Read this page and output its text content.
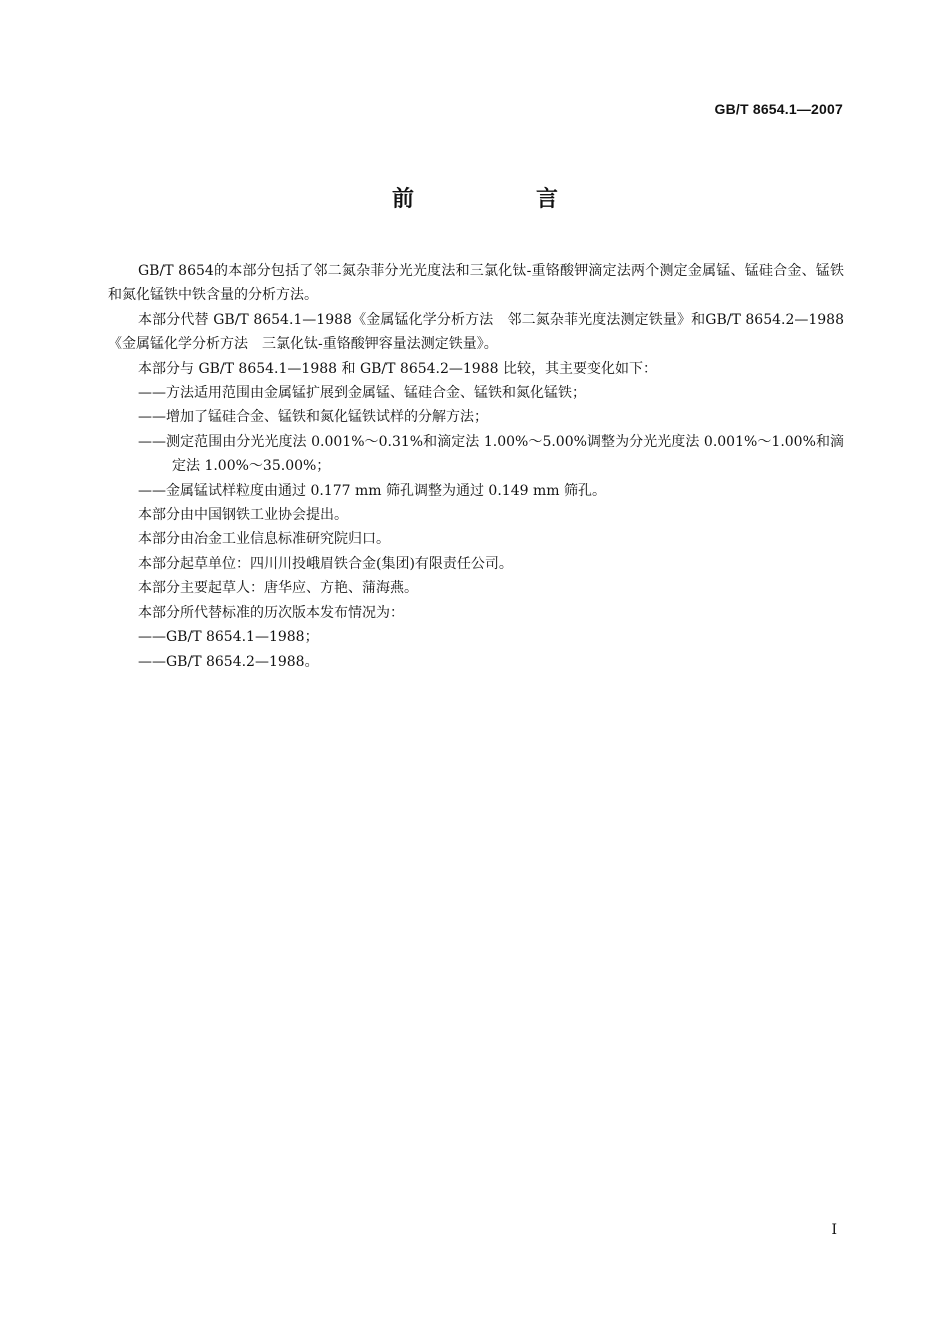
GB/T 8654.1—2007
前　言

GB/T 8654的本部分包括了邻二氮杂菲分光光度法和三氯化钛-重铬酸钾滴定法两个测定金属锰、锰硅合金、锰铁和氮化锰铁中铁含量的分析方法。

本部分代替 GB/T 8654.1—1988《金属锰化学分析方法　邻二氮杂菲光度法测定铁量》和GB/T 8654.2—1988《金属锰化学分析方法　三氯化钛-重铬酸钾容量法测定铁量》。

本部分与 GB/T 8654.1—1988 和 GB/T 8654.2—1988 比较，其主要变化如下：

——方法适用范围由金属锰扩展到金属锰、锰硅合金、锰铁和氮化锰铁；

——增加了锰硅合金、锰铁和氮化锰铁试样的分解方法；

——测定范围由分光光度法 0.001%～0.31%和滴定法 1.00%～5.00%调整为分光光度法 0.001%～1.00%和滴定法 1.00%～35.00%；

——金属锰试样粒度由通过 0.177 mm 筛孔调整为通过 0.149 mm 筛孔。

本部分由中国钢铁工业协会提出。

本部分由冶金工业信息标准研究院归口。

本部分起草单位：四川川投峨眉铁合金(集团)有限责任公司。

本部分主要起草人：唐华应、方艳、蒲海燕。

本部分所代替标准的历次版本发布情况为：

——GB/T 8654.1—1988；

——GB/T 8654.2—1988。

I
